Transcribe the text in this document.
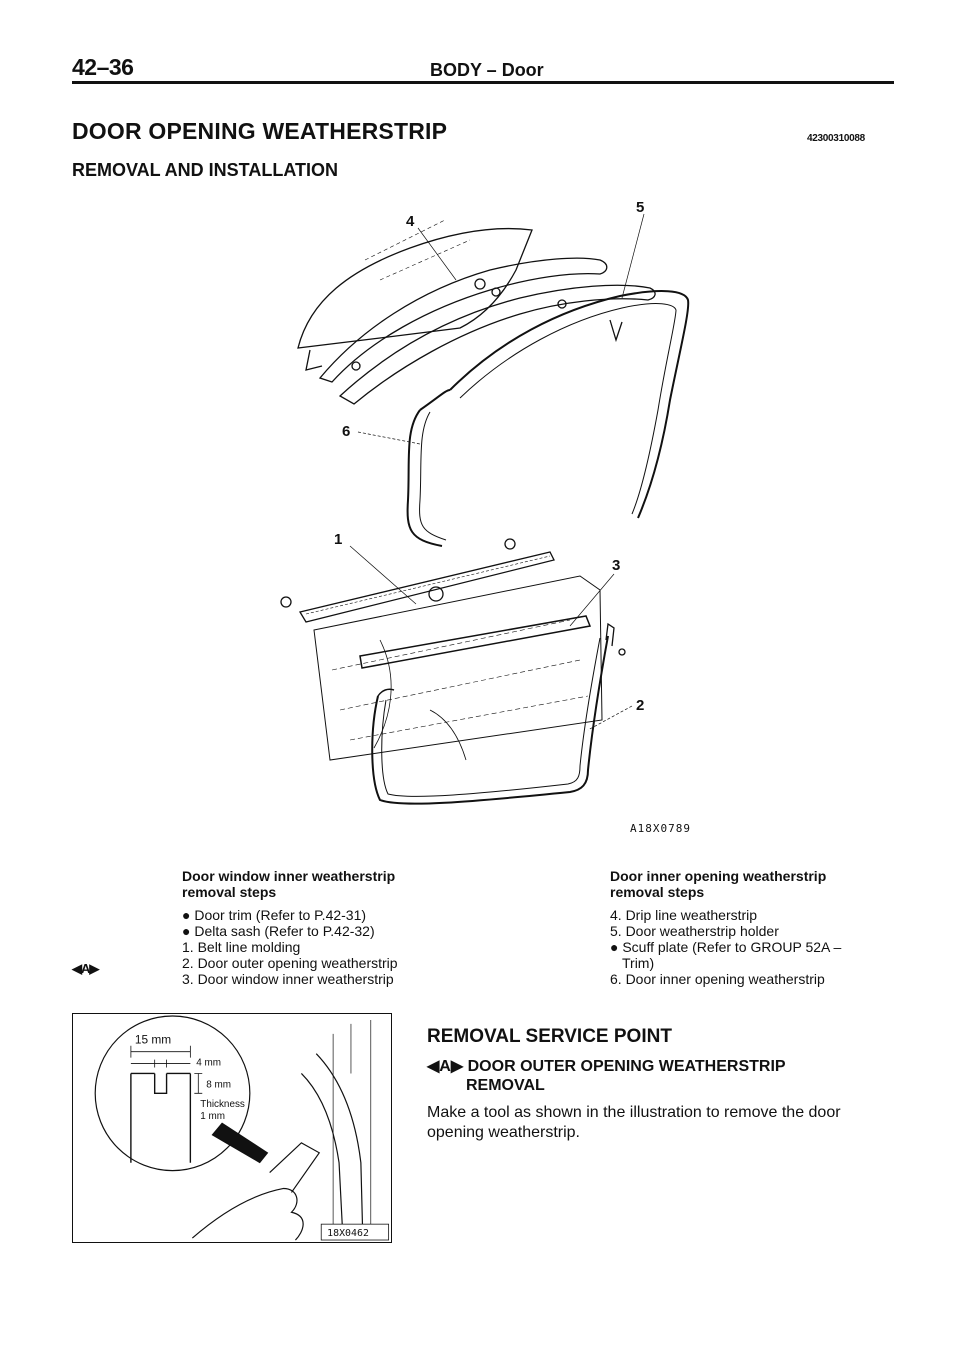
42–36	BODY – Door
DOOR OPENING WEATHERSTRIP	42300310088
REMOVAL AND INSTALLATION
4
5
6
1
3
2
A18X0789
Door window inner weatherstrip
removal steps
● Door trim (Refer to P.42-31)
● Delta sash (Refer to P.42-32)
1. Belt line molding
2. Door outer opening weatherstrip
3. Door window inner weatherstrip
◀A▶
Door inner opening weatherstrip
removal steps
4. Drip line weatherstrip
5. Door weatherstrip holder
● Scuff plate (Refer to GROUP 52A –
Trim)
6. Door inner opening weatherstrip
15 mm
4 mm
8 mm
Thickness
1 mm
18X0462
REMOVAL SERVICE POINT
◀A▶ DOOR OUTER OPENING WEATHERSTRIP
REMOVAL
Make a tool as shown in the illustration to remove the door
opening weatherstrip.
